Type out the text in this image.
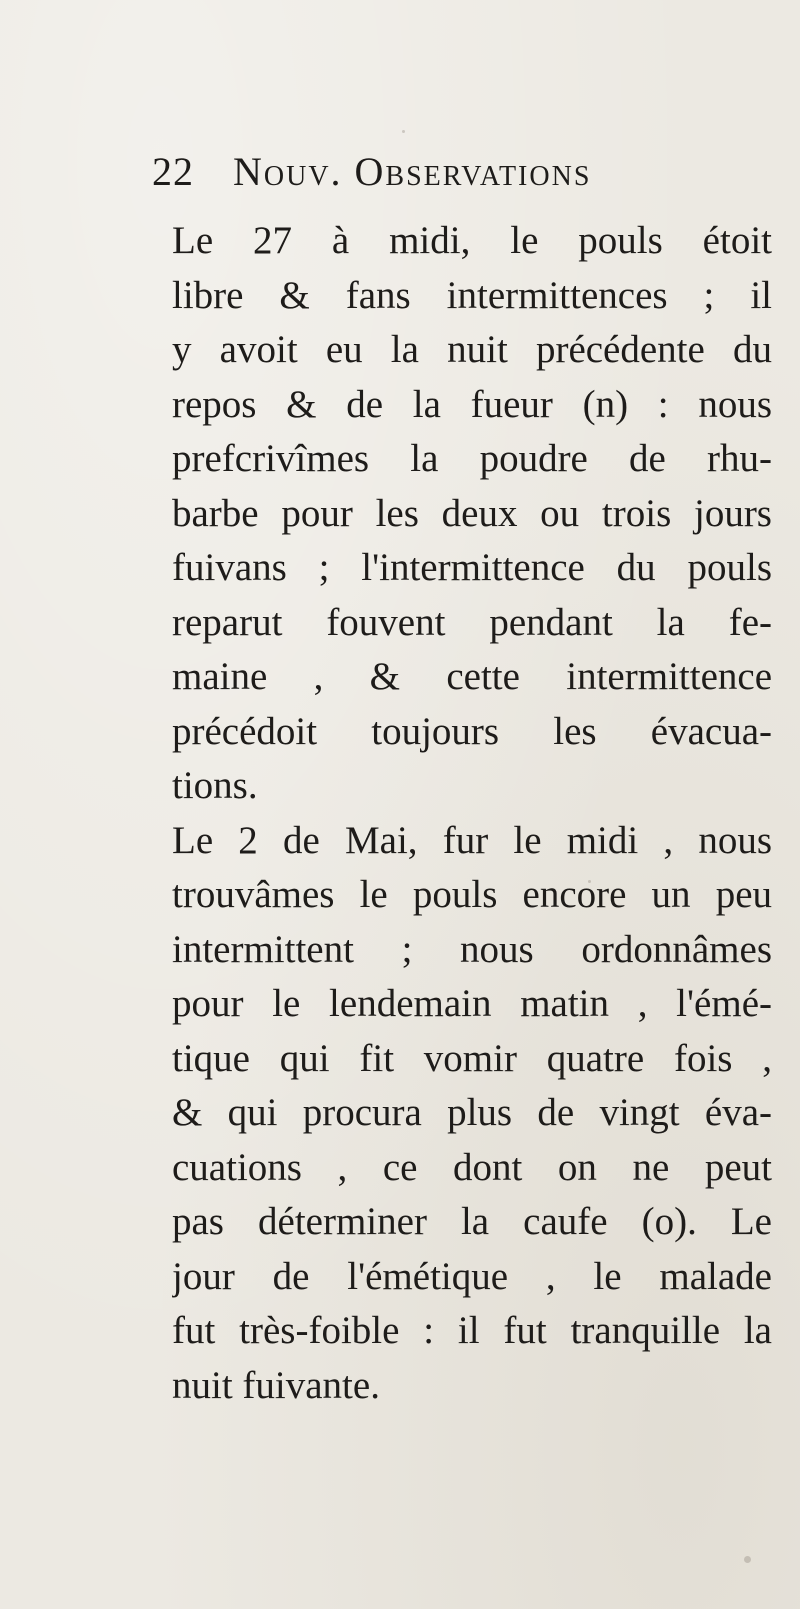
22 Nouv. Observations
Le 27 à midi, le pouls étoit
libre & fans intermittences ; il
y avoit eu la nuit précédente du
repos & de la fueur (n) : nous
prefcrivîmes la poudre de rhu-
barbe pour les deux ou trois jours
fuivans ; l'intermittence du pouls
reparut fouvent pendant la fe-
maine , & cette intermittence
précédoit toujours les évacua-
tions.
Le 2 de Mai, fur le midi , nous
trouvâmes le pouls encore un peu
intermittent ; nous ordonnâmes
pour le lendemain matin , l'émé-
tique qui fit vomir quatre fois ,
& qui procura plus de vingt éva-
cuations , ce dont on ne peut
pas déterminer la caufe (o). Le
jour de l'émétique , le malade
fut très-foible : il fut tranquille la
nuit fuivante.
